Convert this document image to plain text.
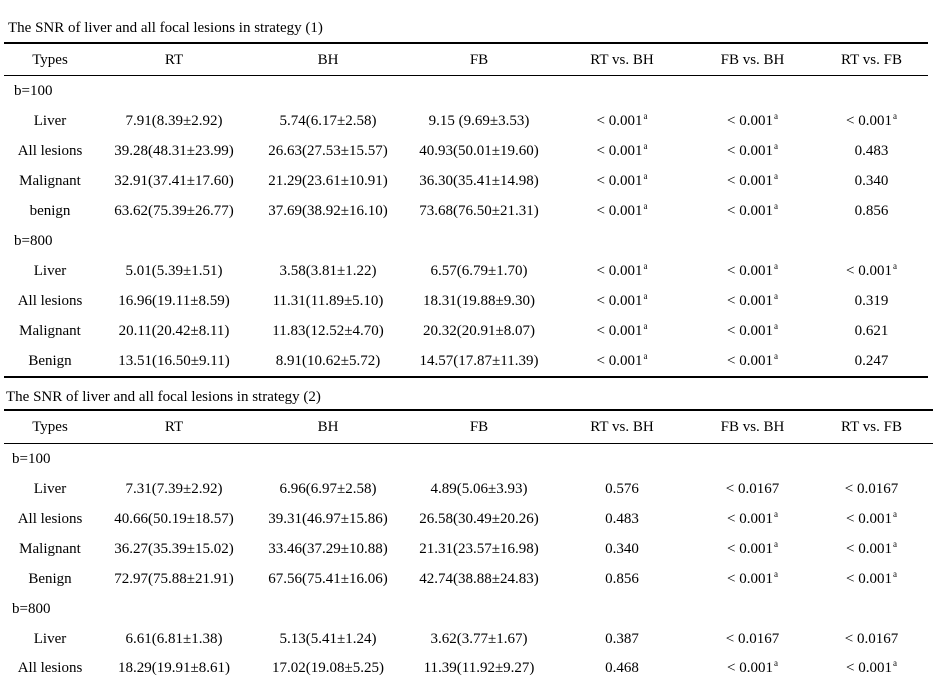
The SNR of liver and all focal lesions in strategy (1)
Types	RT	BH	FB	RT vs. BH	FB vs. BH	RT vs. FB
b=100
Liver	7.91(8.39±2.92)	5.74(6.17±2.58)	9.15 (9.69±3.53)	< 0.001$^a$	< 0.001$^a$	< 0.001$^a$
All lesions	39.28(48.31±23.99)	26.63(27.53±15.57)	40.93(50.01±19.60)	< 0.001$^a$	< 0.001$^a$	0.483
Malignant	32.91(37.41±17.60)	21.29(23.61±10.91)	36.30(35.41±14.98)	< 0.001$^a$	< 0.001$^a$	0.340
benign	63.62(75.39±26.77)	37.69(38.92±16.10)	73.68(76.50±21.31)	< 0.001$^a$	< 0.001$^a$	0.856
b=800
Liver	5.01(5.39±1.51)	3.58(3.81±1.22)	6.57(6.79±1.70)	< 0.001$^a$	< 0.001$^a$	< 0.001$^a$
All lesions	16.96(19.11±8.59)	11.31(11.89±5.10)	18.31(19.88±9.30)	< 0.001$^a$	< 0.001$^a$	0.319
Malignant	20.11(20.42±8.11)	11.83(12.52±4.70)	20.32(20.91±8.07)	< 0.001$^a$	< 0.001$^a$	0.621
Benign	13.51(16.50±9.11)	8.91(10.62±5.72)	14.57(17.87±11.39)	< 0.001$^a$	< 0.001$^a$	0.247
The SNR of liver and all focal lesions in strategy (2)
Types	RT	BH	FB	RT vs. BH	FB vs. BH	RT vs. FB
b=100
Liver	7.31(7.39±2.92)	6.96(6.97±2.58)	4.89(5.06±3.93)	0.576	< 0.0167	< 0.0167
All lesions	40.66(50.19±18.57)	39.31(46.97±15.86)	26.58(30.49±20.26)	0.483	< 0.001$^a$	< 0.001$^a$
Malignant	36.27(35.39±15.02)	33.46(37.29±10.88)	21.31(23.57±16.98)	0.340	< 0.001$^a$	< 0.001$^a$
Benign	72.97(75.88±21.91)	67.56(75.41±16.06)	42.74(38.88±24.83)	0.856	< 0.001$^a$	< 0.001$^a$
b=800
Liver	6.61(6.81±1.38)	5.13(5.41±1.24)	3.62(3.77±1.67)	0.387	< 0.0167	< 0.0167
All lesions	18.29(19.91±8.61)	17.02(19.08±5.25)	11.39(11.92±9.27)	0.468	< 0.001$^a$	< 0.001$^a$
